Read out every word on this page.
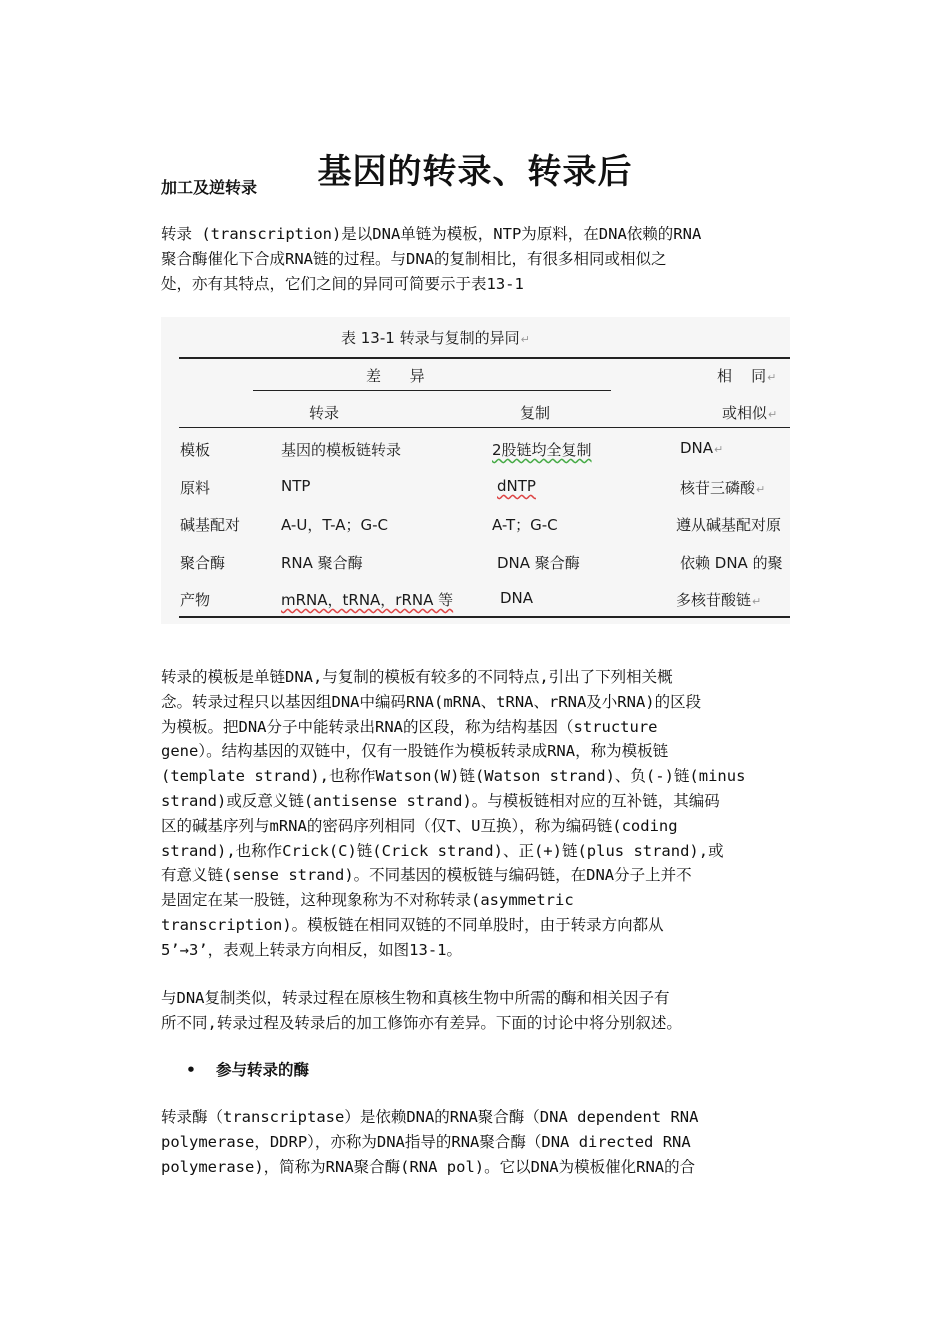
基因的转录、转录后
加工及逆转录
转录 (transcription)是以DNA单链为模板，NTP为原料，在DNA依赖的RNA
聚合酶催化下合成RNA链的过程。与DNA的复制相比，有很多相同或相似之
处，亦有其特点，它们之间的异同可简要示于表13-1
表 13-1 转录与复制的异同↵
差      异	相    同↵
转录	复制	或相似↵
模板	基因的模板链转录	2股链均全复制	DNA↵
原料	NTP	dNTP	核苷三磷酸↵
碱基配对	A-U，T-A；G-C	A-T；G-C	遵从碱基配对原
聚合酶	RNA 聚合酶	DNA 聚合酶	依赖 DNA 的聚
产物	mRNA，tRNA，rRNA 等	DNA	多核苷酸链↵
转录的模板是单链DNA,与复制的模板有较多的不同特点,引出了下列相关概
念。转录过程只以基因组DNA中编码RNA(mRNA、tRNA、rRNA及小RNA)的区段
为模板。把DNA分子中能转录出RNA的区段，称为结构基因（structure
gene）。结构基因的双链中，仅有一股链作为模板转录成RNA，称为模板链
(template strand),也称作Watson(W)链(Watson strand)、负(-)链(minus
strand)或反意义链(antisense strand)。与模板链相对应的互补链，其编码
区的碱基序列与mRNA的密码序列相同（仅T、U互换），称为编码链(coding
strand),也称作Crick(C)链(Crick strand)、正(+)链(plus strand),或
有意义链(sense strand)。不同基因的模板链与编码链，在DNA分子上并不
是固定在某一股链，这种现象称为不对称转录(asymmetric
transcription)。模板链在相同双链的不同单股时，由于转录方向都从
5’→3’，表观上转录方向相反，如图13-1。
与DNA复制类似，转录过程在原核生物和真核生物中所需的酶和相关因子有
所不同,转录过程及转录后的加工修饰亦有差异。下面的讨论中将分别叙述。
• 参与转录的酶
转录酶（transcriptase）是依赖DNA的RNA聚合酶（DNA dependent RNA
polymerase，DDRP），亦称为DNA指导的RNA聚合酶（DNA directed RNA
polymerase)，简称为RNA聚合酶(RNA pol)。它以DNA为模板催化RNA的合
